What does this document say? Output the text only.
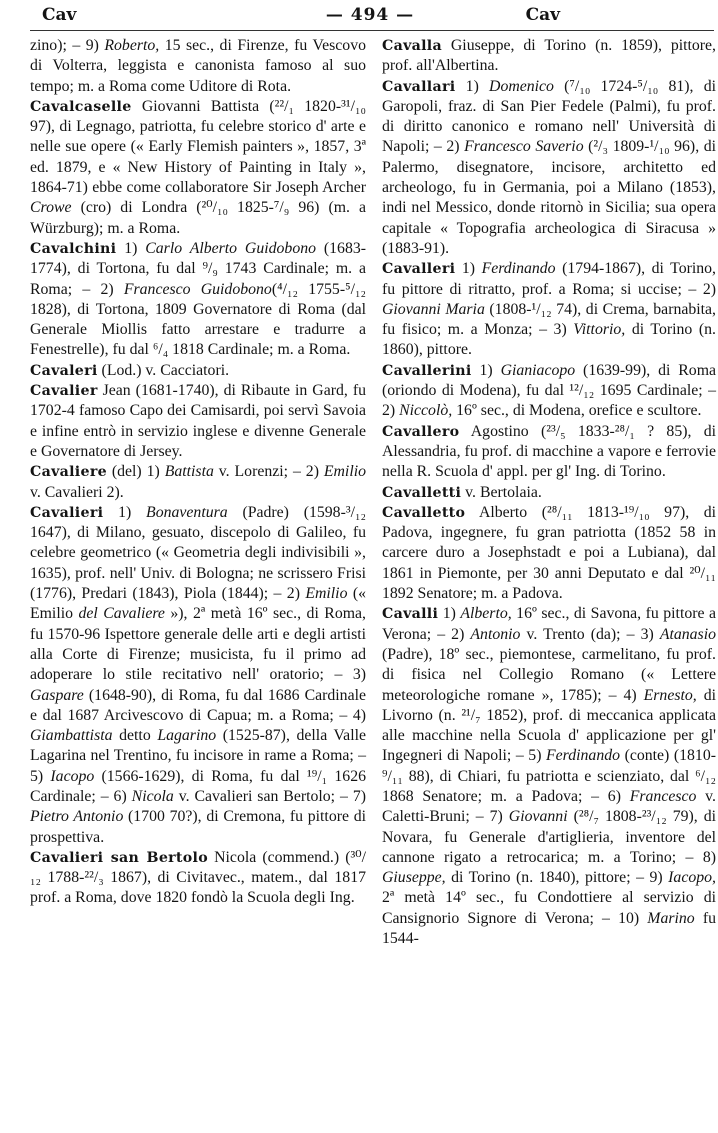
Cav	— 494 —	Cav

zino); – 9) Roberto, 15 sec., di Firenze, fu Vescovo di Volterra, leggista e canonista famoso al suo tempo; m. a Roma come Uditore di Rota.

Cavalcaselle Giovanni Battista (²²/₁ 1820-³¹/₁₀ 97), di Legnago, patriotta, fu celebre storico d' arte e nelle sue opere (« Early Flemish painters », 1857, 3ª ed. 1879, e « New History of Painting in Italy », 1864-71) ebbe come collaboratore Sir Joseph Archer Crowe (cro) di Londra (²⁰/₁₀ 1825-⁷/₉ 96) (m. a Würzburg); m. a Roma.

Cavalchini 1) Carlo Alberto Guidobono (1683-1774), di Tortona, fu dal ⁹/₉ 1743 Cardinale; m. a Roma; – 2) Francesco Guidobono(⁴/₁₂ 1755-⁵/₁₂ 1828), di Tortona, 1809 Governatore di Roma (dal Generale Miollis fatto arrestare e tradurre a Fenestrelle), fu dal ⁶/₄ 1818 Cardinale; m. a Roma.

Cavaleri (Lod.) v. Cacciatori.

Cavalier Jean (1681-1740), di Ribaute in Gard, fu 1702-4 famoso Capo dei Camisardi, poi servì Savoia e infine entrò in servizio inglese e divenne Generale e Governatore di Jersey.

Cavaliere (del) 1) Battista v. Lorenzi; – 2) Emilio v. Cavalieri 2).

Cavalieri 1) Bonaventura (Padre) (1598-³/₁₂ 1647), di Milano, gesuato, discepolo di Galileo, fu celebre geometrico (« Geometria degli indivisibili », 1635), prof. nell' Univ. di Bologna; ne scrissero Frisi (1776), Predari (1843), Piola (1844); – 2) Emilio (« Emilio del Cavaliere »), 2ª metà 16º sec., di Roma, fu 1570-96 Ispettore generale delle arti e degli artisti alla Corte di Firenze; musicista, fu il primo ad adoperare lo stile recitativo nell' oratorio; – 3) Gaspare (1648-90), di Roma, fu dal 1686 Cardinale e dal 1687 Arcivescovo di Capua; m. a Roma; – 4) Giambattista detto Lagarino (1525-87), della Valle Lagarina nel Trentino, fu incisore in rame a Roma; – 5) Iacopo (1566-1629), di Roma, fu dal ¹⁹/₁ 1626 Cardinale; – 6) Nicola v. Cavalieri san Bertolo; – 7) Pietro Antonio (1700 70?), di Cremona, fu pittore di prospettiva.

Cavalieri san Bertolo Nicola (commend.) (³⁰/₁₂ 1788-²²/₃ 1867), di Civitavec., matem., dal 1817 prof. a Roma, dove 1820 fondò la Scuola degli Ing.

Cavalla Giuseppe, di Torino (n. 1859), pittore, prof. all'Albertina.

Cavallari 1) Domenico (⁷/₁₀ 1724-⁵/₁₀ 81), di Garopoli, fraz. di San Pier Fedele (Palmi), fu prof. di diritto canonico e romano nell' Università di Napoli; – 2) Francesco Saverio (²/₃ 1809-¹/₁₀ 96), di Palermo, disegnatore, incisore, architetto ed archeologo, fu in Germania, poi a Milano (1853), indi nel Messico, donde ritornò in Sicilia; sua opera capitale « Topografia archeologica di Siracusa » (1883-91).

Cavalleri 1) Ferdinando (1794-1867), di Torino, fu pittore di ritratto, prof. a Roma; si uccise; – 2) Giovanni Maria (1808-¹/₁₂ 74), di Crema, barnabita, fu fisico; m. a Monza; – 3) Vittorio, di Torino (n. 1860), pittore.

Cavallerini 1) Gianiacopo (1639-99), di Roma (oriondo di Modena), fu dal ¹²/₁₂ 1695 Cardinale; – 2) Niccolò, 16º sec., di Modena, orefice e scultore.

Cavallero Agostino (²³/₅ 1833-²⁸/₁ ? 85), di Alessandria, fu prof. di macchine a vapore e ferrovie nella R. Scuola d' appl. per gl' Ing. di Torino.

Cavalletti v. Bertolaia.

Cavalletto Alberto (²⁸/₁₁ 1813-¹⁹/₁₀ 97), di Padova, ingegnere, fu gran patriotta (1852 58 in carcere duro a Josephstadt e poi a Lubiana), dal 1861 in Piemonte, per 30 anni Deputato e dal ²⁰/₁₁ 1892 Senatore; m. a Padova.

Cavalli 1) Alberto, 16º sec., di Savona, fu pittore a Verona; – 2) Antonio v. Trento (da); – 3) Atanasio (Padre), 18º sec., piemontese, carmelitano, fu prof. di fisica nel Collegio Romano (« Lettere meteorologiche romane », 1785); – 4) Ernesto, di Livorno (n. ²¹/₇ 1852), prof. di meccanica applicata alle macchine nella Scuola d' applicazione per gl' Ingegneri di Napoli; – 5) Ferdinando (conte) (1810-⁹/₁₁ 88), di Chiari, fu patriotta e scienziato, dal ⁶/₁₂ 1868 Senatore; m. a Padova; – 6) Francesco v. Caletti-Bruni; – 7) Giovanni (²⁸/₇ 1808-²³/₁₂ 79), di Novara, fu Generale d'artiglieria, inventore del cannone rigato a retrocarica; m. a Torino; – 8) Giuseppe, di Torino (n. 1840), pittore; – 9) Iacopo, 2ª metà 14º sec., fu Condottiere al servizio di Cansignorio Signore di Verona; – 10) Marino fu 1544-
